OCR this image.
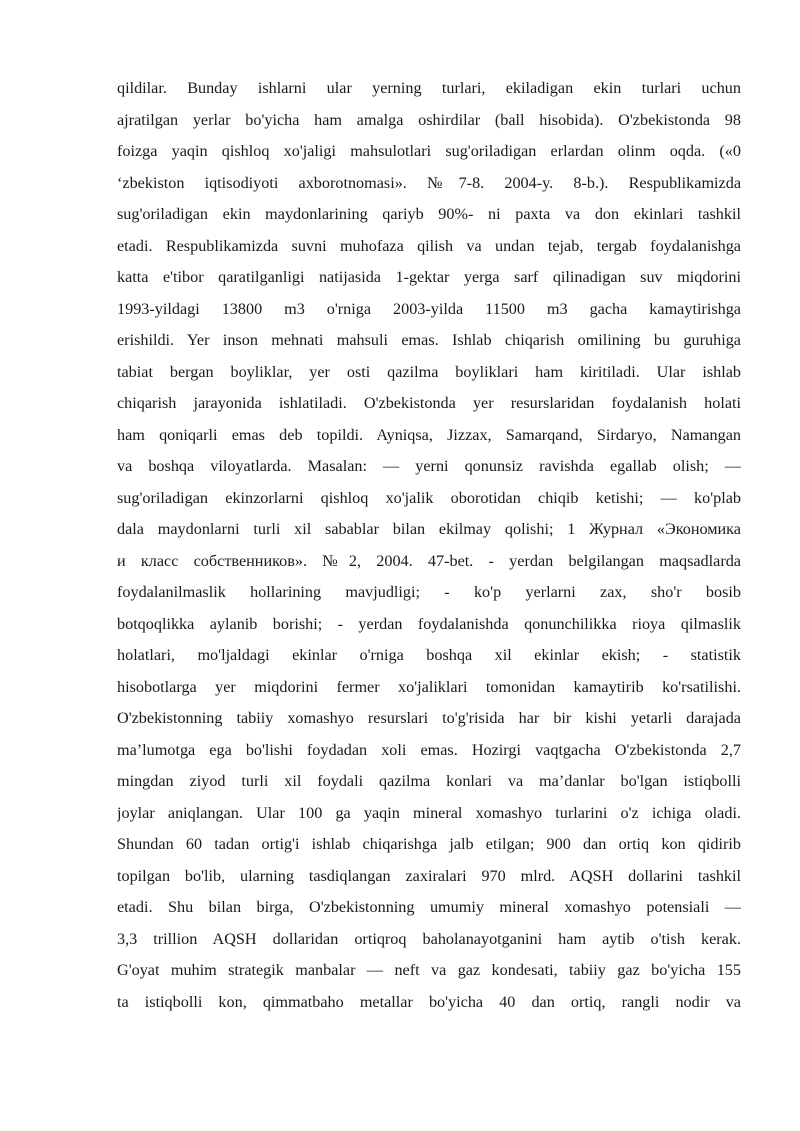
qildilar. Bunday ishlarni ular yerning turlari, ekiladigan ekin turlari uchun
ajratilgan yerlar bo'yicha ham amalga oshirdilar (ball hisobida). O'zbekistonda 98
foizga yaqin qishloq xo'jaligi mahsulotlari sug'oriladigan erlardan olinm oqda. («0
‘zbekiston iqtisodiyoti axborotnomasi». №7-8. 2004-y. 8-b.). Respublikamizda
sug'oriladigan ekin maydonlarining qariyb 90%- ni paxta va don ekinlari tashkil
etadi. Respublikamizda suvni muhofaza qilish va undan tejab, tergab foydalanishga
katta e'tibor qaratilganligi natijasida 1-gektar yerga sarf qilinadigan suv miqdorini
1993-yildagi 13800 m3 o'rniga 2003-yilda 11500 m3 gacha kamaytirishga
erishildi. Yer inson mehnati mahsuli emas. Ishlab chiqarish omilining bu guruhiga
tabiat bergan boyliklar, yer osti qazilma boyliklari ham kiritiladi. Ular ishlab
chiqarish jarayonida ishlatiladi. O'zbekistonda yer resurslaridan foydalanish holati
ham qoniqarli emas deb topildi. Ayniqsa, Jizzax, Samarqand, Sirdaryo, Namangan
va boshqa viloyatlarda. Masalan: — yerni qonunsiz ravishda egallab olish; —
sug'oriladigan ekinzorlarni qishloq xo'jalik oborotidan chiqib ketishi; — ko'plab
dala maydonlarni turli xil sabablar bilan ekilmay qolishi; 1 Журнал «Экономика
и класс собственников». №2, 2004. 47-bet. - yerdan belgilangan maqsadlarda
foydalanilmaslik hollarining mavjudligi; - ko'p yerlarni zax, sho'r bosib
botqoqlikka aylanib borishi; - yerdan foydalanishda qonunchilikka rioya qilmaslik
holatlari, mo'ljaldagi ekinlar o'rniga boshqa xil ekinlar ekish; - statistik
hisobotlarga yer miqdorini fermer xo'jaliklari tomonidan kamaytirib ko'rsatilishi.
O'zbekistonning tabiiy xomashyo resurslari to'g'risida har bir kishi yetarli darajada
ma’lumotga ega bo'lishi foydadan xoli emas. Hozirgi vaqtgacha O'zbekistonda 2,7
mingdan ziyod turli xil foydali qazilma konlari va ma’danlar bo'lgan istiqbolli
joylar aniqlangan. Ular 100 ga yaqin mineral xomashyo turlarini o'z ichiga oladi.
Shundan 60 tadan ortig'i ishlab chiqarishga jalb etilgan; 900 dan ortiq kon qidirib
topilgan bo'lib, ularning tasdiqlangan zaxiralari 970 mlrd. AQSH dollarini tashkil
etadi. Shu bilan birga, O'zbekistonning umumiy mineral xomashyo potensiali —
3,3 trillion AQSH dollaridan ortiqroq baholanayotganini ham aytib o'tish kerak.
G'oyat muhim strategik manbalar — neft va gaz kondesati, tabiiy gaz bo'yicha 155
ta istiqbolli kon, qimmatbaho metallar bo'yicha 40 dan ortiq, rangli nodir va
